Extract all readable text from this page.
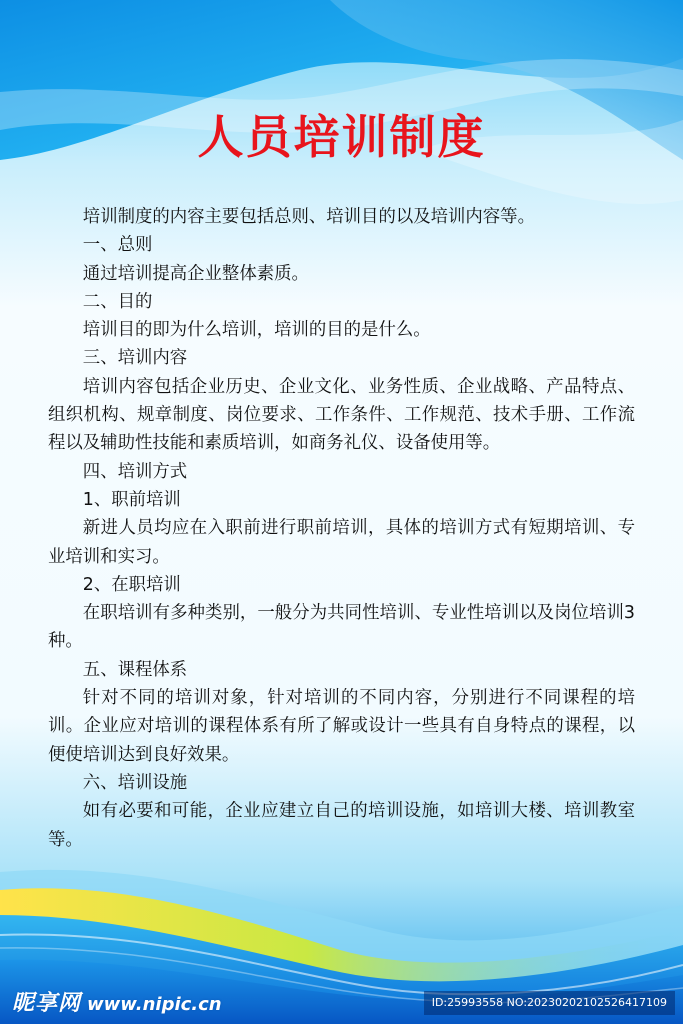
人员培训制度

培训制度的内容主要包括总则、培训目的以及培训内容等。

一、总则

通过培训提高企业整体素质。

二、目的

培训目的即为什么培训，培训的目的是什么。

三、培训内容

培训内容包括企业历史、企业文化、业务性质、企业战略、产品特点、组织机构、规章制度、岗位要求、工作条件、工作规范、技术手册、工作流程以及辅助性技能和素质培训，如商务礼仪、设备使用等。

四、培训方式

1、职前培训

新进人员均应在入职前进行职前培训，具体的培训方式有短期培训、专业培训和实习。

2、在职培训

在职培训有多种类别，一般分为共同性培训、专业性培训以及岗位培训3种。

五、课程体系

针对不同的培训对象，针对培训的不同内容，分别进行不同课程的培训。企业应对培训的课程体系有所了解或设计一些具有自身特点的课程，以便使培训达到良好效果。

六、培训设施

如有必要和可能，企业应建立自己的培训设施，如培训大楼、培训教室等。

昵享网 www.nipic.cn	ID:25993558 NO:20230202102526417109
